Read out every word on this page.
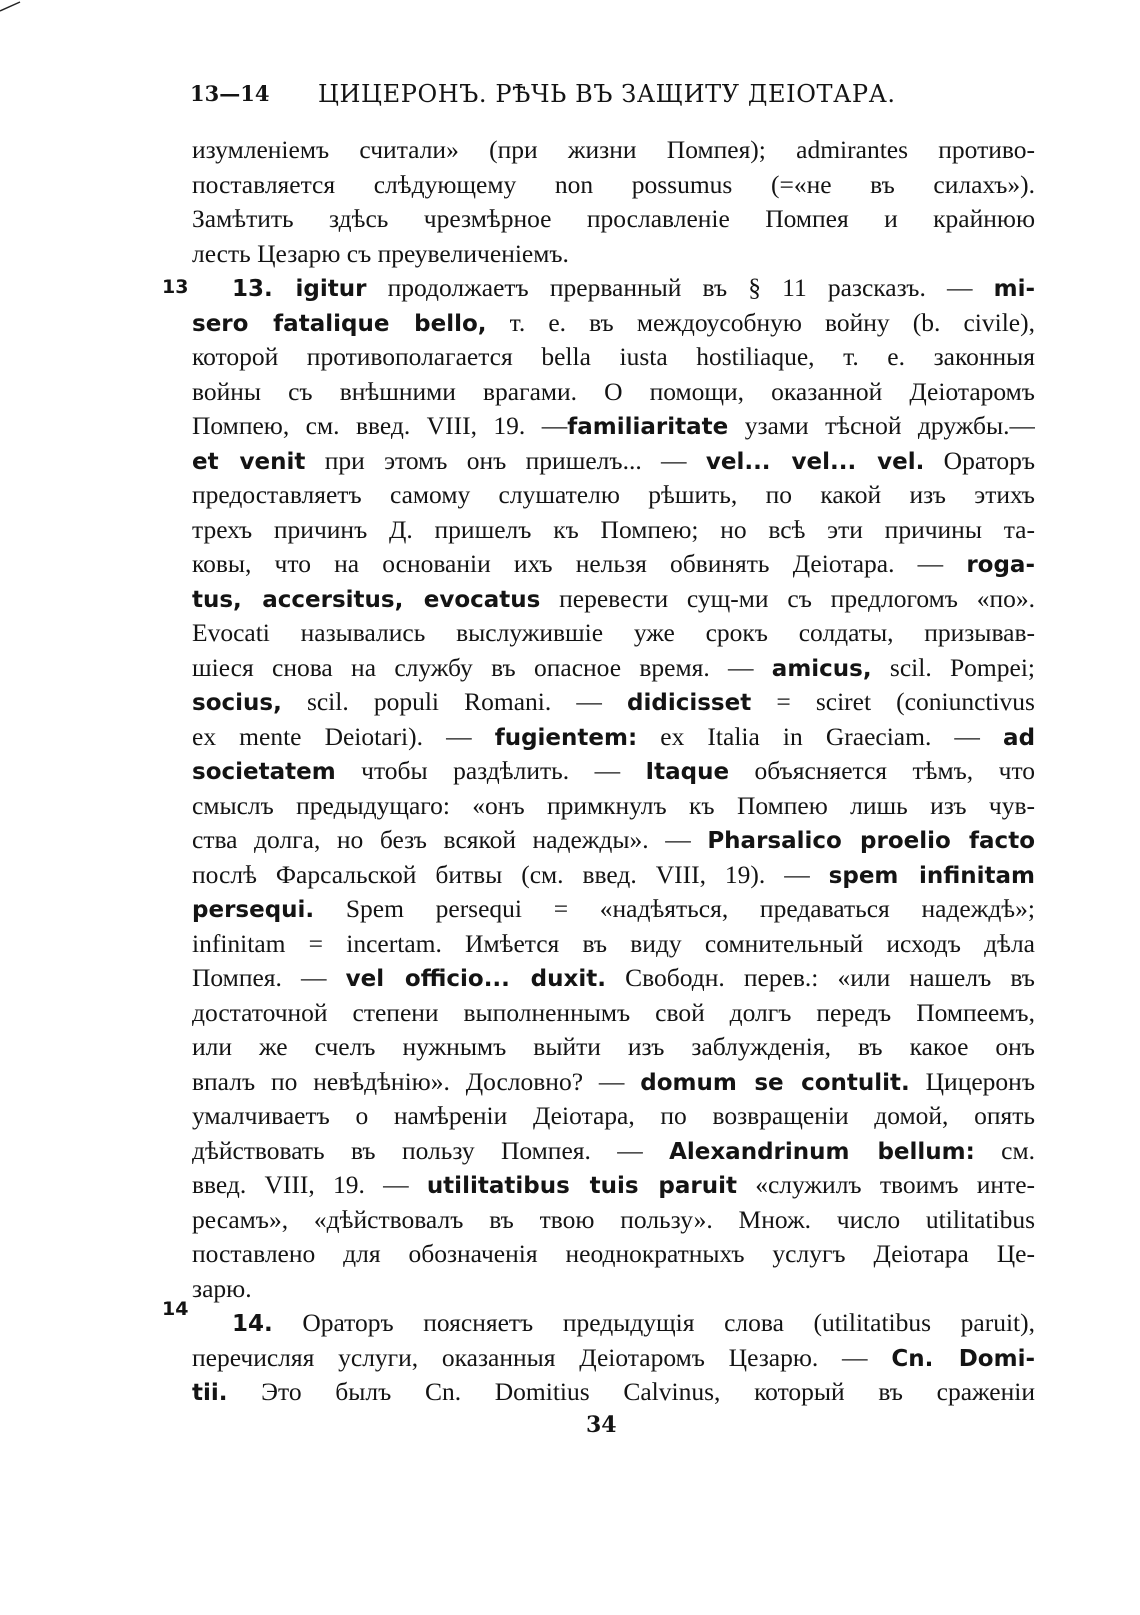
13—14 ЦИЦЕРОНЪ. РѢЧЬ ВЪ ЗАЩИТУ ДЕIОТАРА.
13
14
изумленiемъ считали» (при жизни Помпея); admirantes противо-
поставляется слѣдующему non possumus (=«не въ силахъ»).
Замѣтить здѣсь чрезмѣрное прославленiе Помпея и крайнюю
лесть Цезарю съ преувеличенiемъ.
13. igitur продолжаетъ прерванный въ § 11 разсказъ. — mi-
sero fatalique bello, т. е. въ междоусобную войну (b. civile),
которой противополагается bella iusta hostiliaque, т. е. законныя
войны съ внѣшними врагами. О помощи, оказанной Деiотаромъ
Помпею, см. введ. VIII, 19. —familiaritate узами тѣсной дружбы.—
et venit при этомъ онъ пришелъ... — vel... vel... vel. Ораторъ
предоставляетъ самому слушателю рѣшить, по какой изъ этихъ
трехъ причинъ Д. пришелъ къ Помпею; но всѣ эти причины та-
ковы, что на основанiи ихъ нельзя обвинять Деiотара. — roga-
tus, accersitus, evocatus перевести сущ-ми съ предлогомъ «по».
Evocati назывались выслужившiе уже срокъ солдаты, призывав-
шiеся снова на службу въ опасное время. — amicus, scil. Pompei;
socius, scil. populi Romani. — didicisset = sciret (coniunctivus
ex mente Deiotari). — fugientem: ex Italia in Graeciam. — ad
societatem чтобы раздѣлить. — Itaque объясняется тѣмъ, что
смыслъ предыдущаго: «онъ примкнулъ къ Помпею лишь изъ чув-
ства долга, но безъ всякой надежды». — Pharsalico proelio facto
послѣ Фарсальской битвы (см. введ. VIII, 19). — spem infinitam
persequi. Spem persequi = «надѣяться, предаваться надеждѣ»;
infinitam = incertam. Имѣется въ виду сомнительный исходъ дѣла
Помпея. — vel officio... duxit. Свободн. перев.: «или нашелъ въ
достаточной степени выполненнымъ свой долгъ передъ Помпеемъ,
или же счелъ нужнымъ выйти изъ заблужденiя, въ какое онъ
впалъ по невѣдѣнiю». Дословно? — domum se contulit. Цицеронъ
умалчиваетъ о намѣренiи Деiотара, по возвращенiи домой, опять
дѣйствовать въ пользу Помпея. — Alexandrinum bellum: см.
введ. VIII, 19. — utilitatibus tuis paruit «служилъ твоимъ инте-
ресамъ», «дѣйствовалъ въ твою пользу». Множ. число utilitatibus
поставлено для обозначенiя неоднократныхъ услугъ Деiотара Це-
зарю.
14. Ораторъ поясняетъ предыдущiя слова (utilitatibus paruit),
перечисляя услуги, оказанныя Деiотаромъ Цезарю. — Cn. Domi-
tii. Это былъ Cn. Domitius Calvinus, который въ сраженiи
34
